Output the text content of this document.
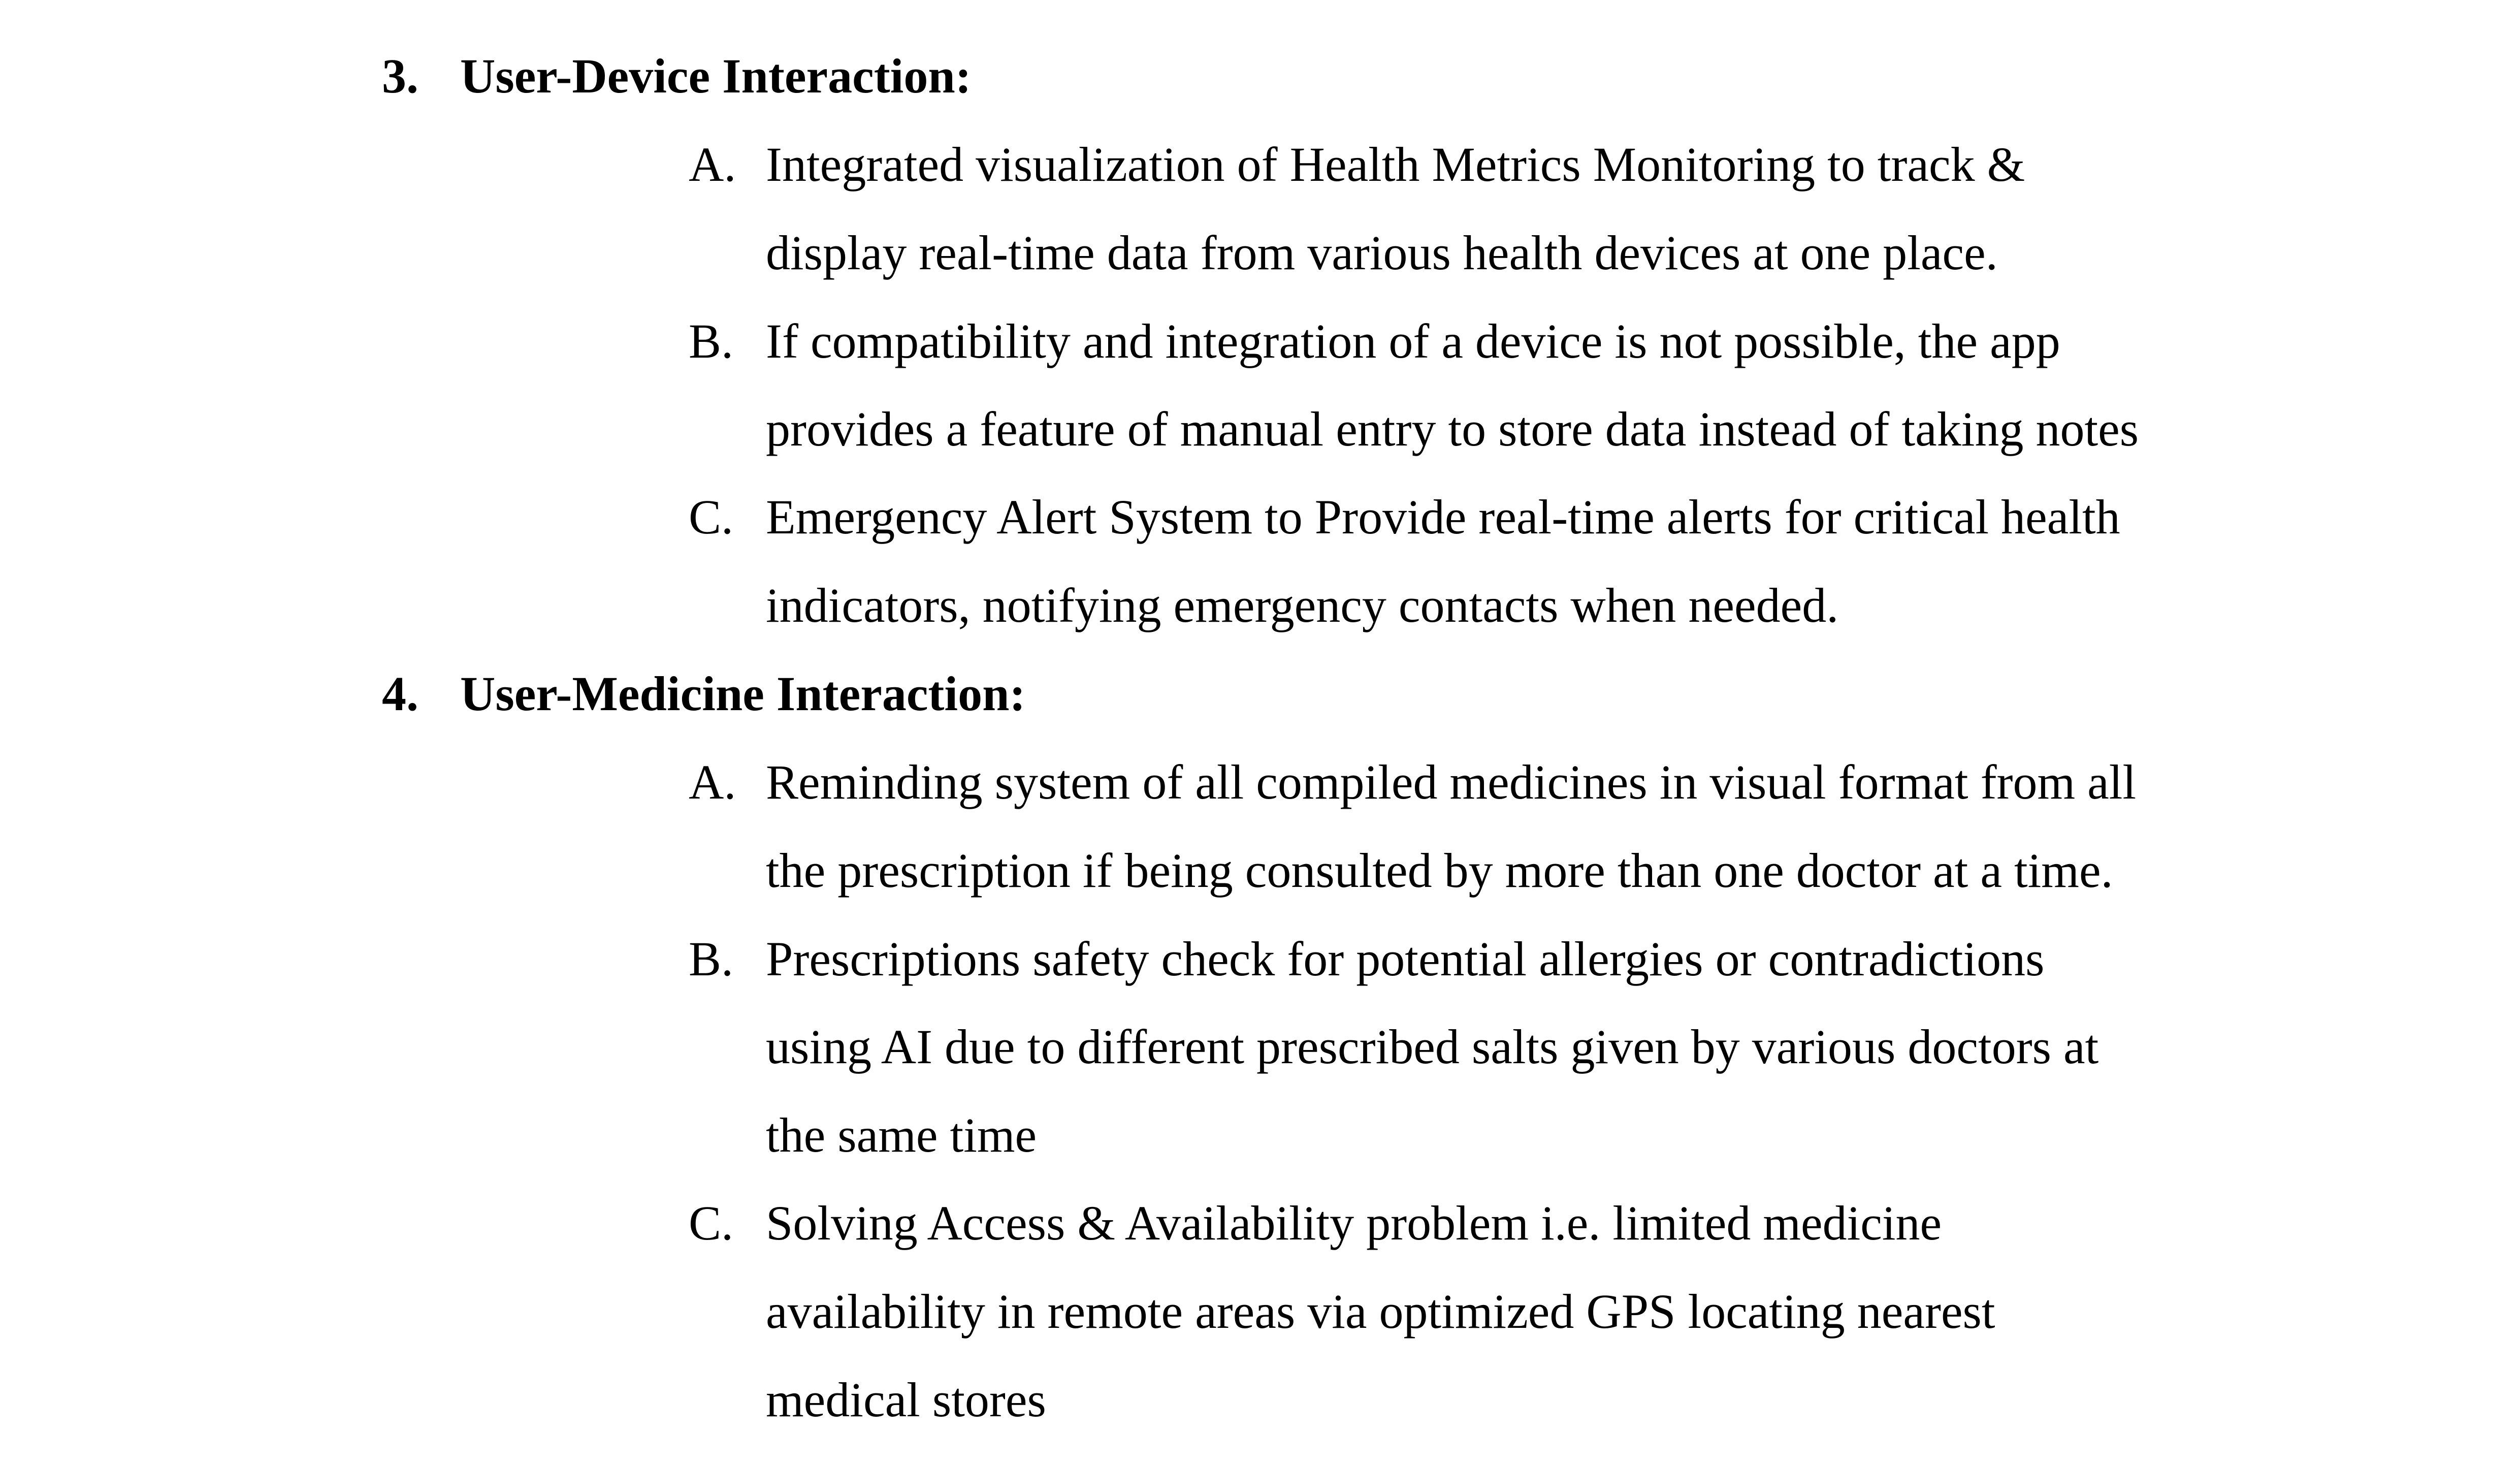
3. User-Device Interaction:
A. Integrated visualization of Health Metrics Monitoring to track &
display real-time data from various health devices at one place.
B. If compatibility and integration of a device is not possible, the app
provides a feature of manual entry to store data instead of taking notes
C. Emergency Alert System to Provide real-time alerts for critical health
indicators, notifying emergency contacts when needed.
4. User-Medicine Interaction:
A. Reminding system of all compiled medicines in visual format from all
the prescription if being consulted by more than one doctor at a time.
B. Prescriptions safety check for potential allergies or contradictions
using AI due to different prescribed salts given by various doctors at
the same time
C. Solving Access & Availability problem i.e. limited medicine
availability in remote areas via optimized GPS locating nearest
medical stores
